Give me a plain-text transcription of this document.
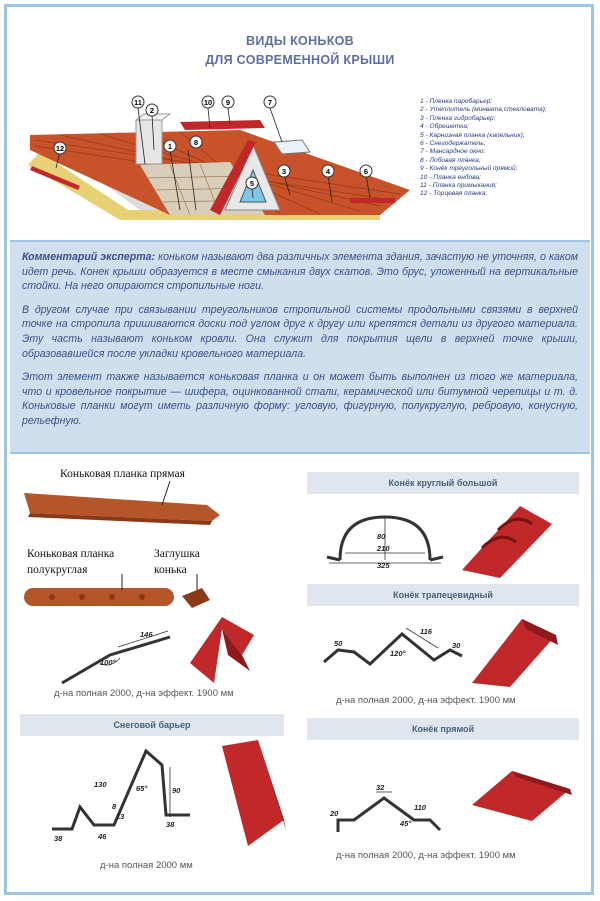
ВИДЫ КОНЬКОВ
ДЛЯ СОВРЕМЕННОЙ КРЫШИ
11
2
1	8
10 9	7
3	4	6
12
5
1 - Пленка паробарьер;
2 - Утеплитель (минвата,стекловата);
3 - Пленка гидробарьер;
4 - Обрешетка;
5 - Карнизная планка (капельник);
6 - Снегодержатель;
7 - Мансардное окно;
8 - Лобовая планка;
9 - Конёк треугольный прямой;
10 - Планка ендова;
11 - Планка примыкания;
12 - Торцевая планка;

Комментарий эксперта: коньком называют два различных элемента здания, зачастую не уточняя, о каком идет речь. Конек крыши образуется в месте смыкания двух скатов. Это брус, уложенный на вертикальные стойки. На него опираются стропильные ноги.

В другом случае при связывании треугольников стропильной системы продольными связями в верхней точке на стропила пришиваются доски под углом друг к другу или крепятся детали из другого материала. Эту часть называют коньком кровли. Она служит для покрытия щели в верхней точке крыши, образовавшейся после укладки кровельного материала.

Этот элемент также называется коньковая планка и он может быть выполнен из того же материала, что и кровельное покрытие — шифера, оцинкованной стали, керамической или битумной черепицы и т. д. Коньковые планки могут иметь различную форму: угловую, фигурную, полукруглую, ребровую, конусную, рельефную.

Коньковая планка прямая
Коньковая планка
полукруглая
Заглушка
конька
146
100°
д-на полная 2000, д-на эффект. 1900 мм
Конёк круглый большой
80
210
325
Конёк трапецевидный
50
116
30
120°
д-на полная 2000, д-на эффект. 1900 мм
Снеговой барьер
130
90
65°
38
38
46
8
13
д-на полная 2000 мм
Конёк прямой
32
20
110
45°
д-на полная 2000, д-на эффект. 1900 мм
